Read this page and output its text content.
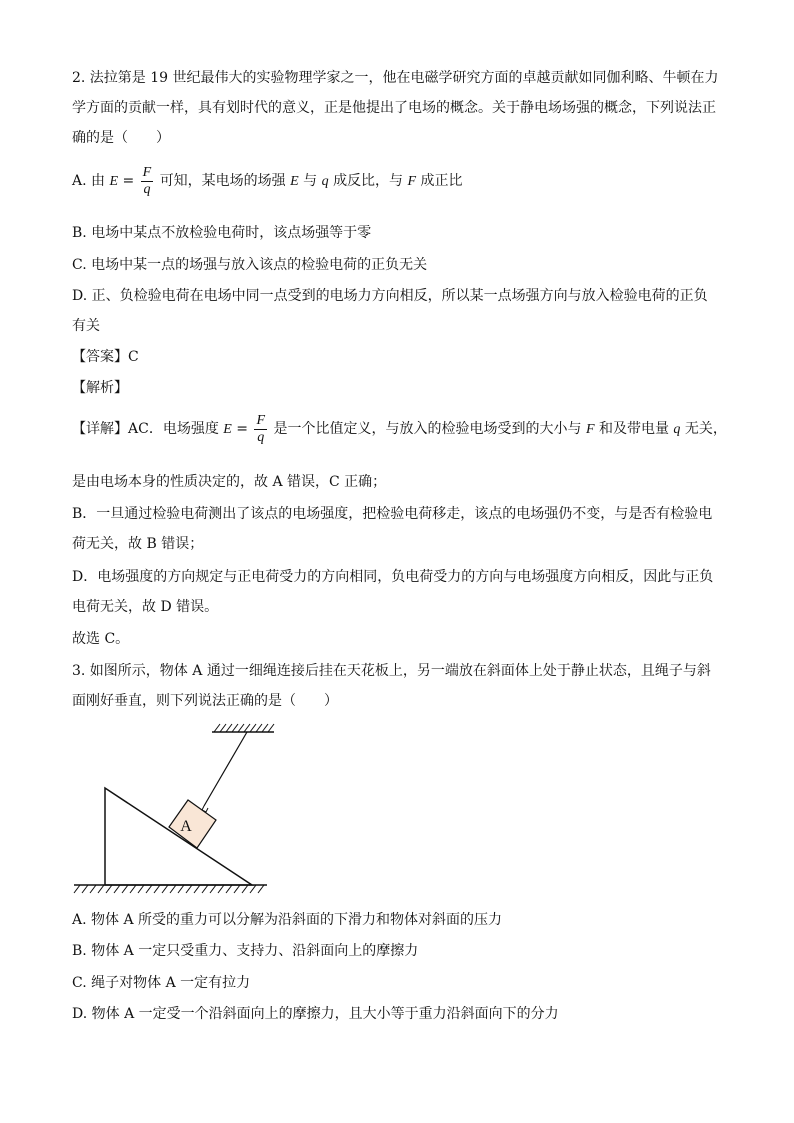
2. 法拉第是 19 世纪最伟大的实验物理学家之一，他在电磁学研究方面的卓越贡献如同伽利略、牛顿在力
学方面的贡献一样，具有划时代的意义，正是他提出了电场的概念。关于静电场场强的概念，下列说法正
确的是（　　）
A. 由 $E = \frac{F}{q}$ 可知，某电场的场强 E 与 q 成反比，与 F 成正比
B. 电场中某点不放检验电荷时，该点场强等于零
C. 电场中某一点的场强与放入该点的检验电荷的正负无关
D. 正、负检验电荷在电场中同一点受到的电场力方向相反，所以某一点场强方向与放入检验电荷的正负
有关
【答案】C
【解析】
【详解】AC．电场强度 $E = \frac{F}{q}$ 是一个比值定义，与放入的检验电场受到的大小与 F 和及带电量 q 无关，
是由电场本身的性质决定的，故 A 错误，C 正确；
B．一旦通过检验电荷测出了该点的电场强度，把检验电荷移走，该点的电场强仍不变，与是否有检验电
荷无关，故 B 错误；
D．电场强度的方向规定与正电荷受力的方向相同，负电荷受力的方向与电场强度方向相反，因此与正负
电荷无关，故 D 错误。
故选 C。
3. 如图所示，物体 A 通过一细绳连接后挂在天花板上，另一端放在斜面体上处于静止状态，且绳子与斜
面刚好垂直，则下列说法正确的是（　　）
A
A. 物体 A 所受的重力可以分解为沿斜面的下滑力和物体对斜面的压力
B. 物体 A 一定只受重力、支持力、沿斜面向上的摩擦力
C. 绳子对物体 A 一定有拉力
D. 物体 A 一定受一个沿斜面向上的摩擦力，且大小等于重力沿斜面向下的分力
